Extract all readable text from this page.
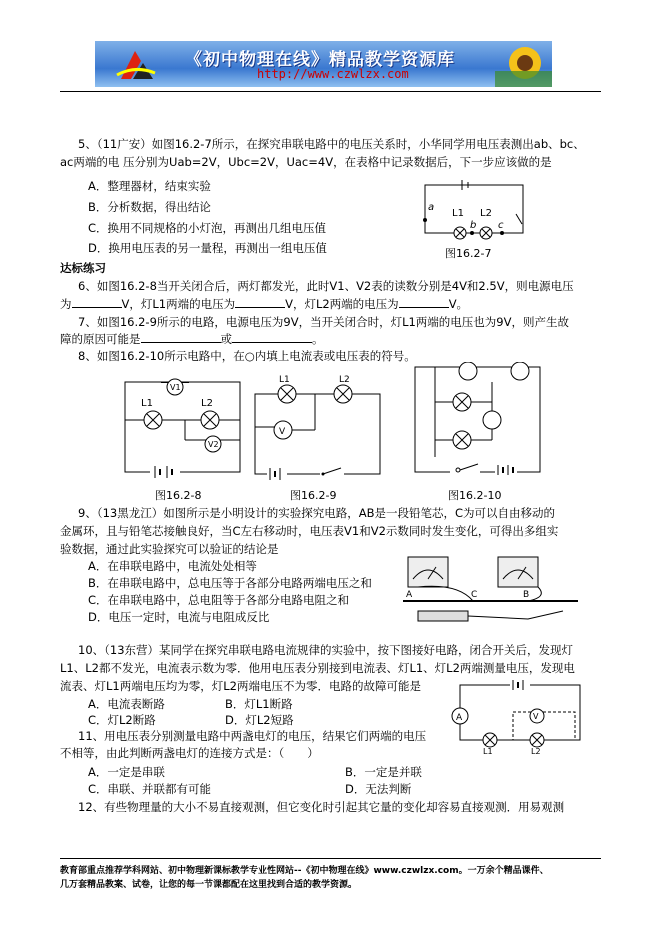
《初中物理在线》精品教学资源库
http://www.czwlzx.com
5、（11广安）如图16.2-7所示，在探究串联电路中的电压关系时，小华同学用电压表测出ab、bc、
ac两端的电 压分别为Uab=2V，Ubc=2V，Uac=4V，在表格中记录数据后，下一步应该做的是
A．整理器材，结束实验
B．分析数据，得出结论
C．换用不同规格的小灯泡，再测出几组电压值
D．换用电压表的另一量程，再测出一组电压值
a
b c
L1 L2
图16.2-7
达标练习
6、如图16.2-8当开关闭合后，两灯都发光，此时V1、V2表的读数分别是4V和2.5V，则电源电压
为	V，灯L1两端的电压为	V，灯L2两端的电压为	V。
7、如图16.2-9所示的电路，电源电压为9V，当开关闭合时，灯L1两端的电压也为9V，则产生故
障的原因可能是	或	。
8、如图16.2-10所示电路中，在○内填上电流表或电压表的符号。
V1
V2
L1	L2
图16.2-8
V
L1	L2
图16.2-9	图16.2-10
9、（13黑龙江）如图所示是小明设计的实验探究电路，AB是一段铅笔芯，C为可以自由移动的
金属环，且与铅笔芯接触良好，当C左右移动时，电压表V1和V2示数同时发生变化，可得出多组实
验数据，通过此实验探究可以验证的结论是
A．在串联电路中，电流处处相等
B．在串联电路中，总电压等于各部分电路两端电压之和
C．在串联电路中，总电阻等于各部分电路电阻之和
D．电压一定时，电流与电阻成反比
A	C	B
10、（13东营）某同学在探究串联电路电流规律的实验中，按下图接好电路，闭合开关后，发现灯
L1、L2都不发光，电流表示数为零．他用电压表分别接到电流表、灯L1、灯L2两端测量电压，发现电
流表、灯L1两端电压均为零，灯L2两端电压不为零．电路的故障可能是
A．电流表断路	B．灯L1断路
C．灯L2断路	D．灯L2短路	A	V
L1	L2
11、用电压表分别测量电路中两盏电灯的电压，结果它们两端的电压
不相等，由此判断两盏电灯的连接方式是：（　　）
A．一定是串联	B．一定是并联
C．串联、并联都有可能	D．无法判断
12、有些物理量的大小不易直接观测，但它变化时引起其它量的变化却容易直接观测．用易观测
教育部重点推荐学科网站、初中物理新课标教学专业性网站--《初中物理在线》www.czwlzx.com。一万余个精品课件、
几万套精品教案、试卷，让您的每一节课都配在这里找到合适的教学资源。
